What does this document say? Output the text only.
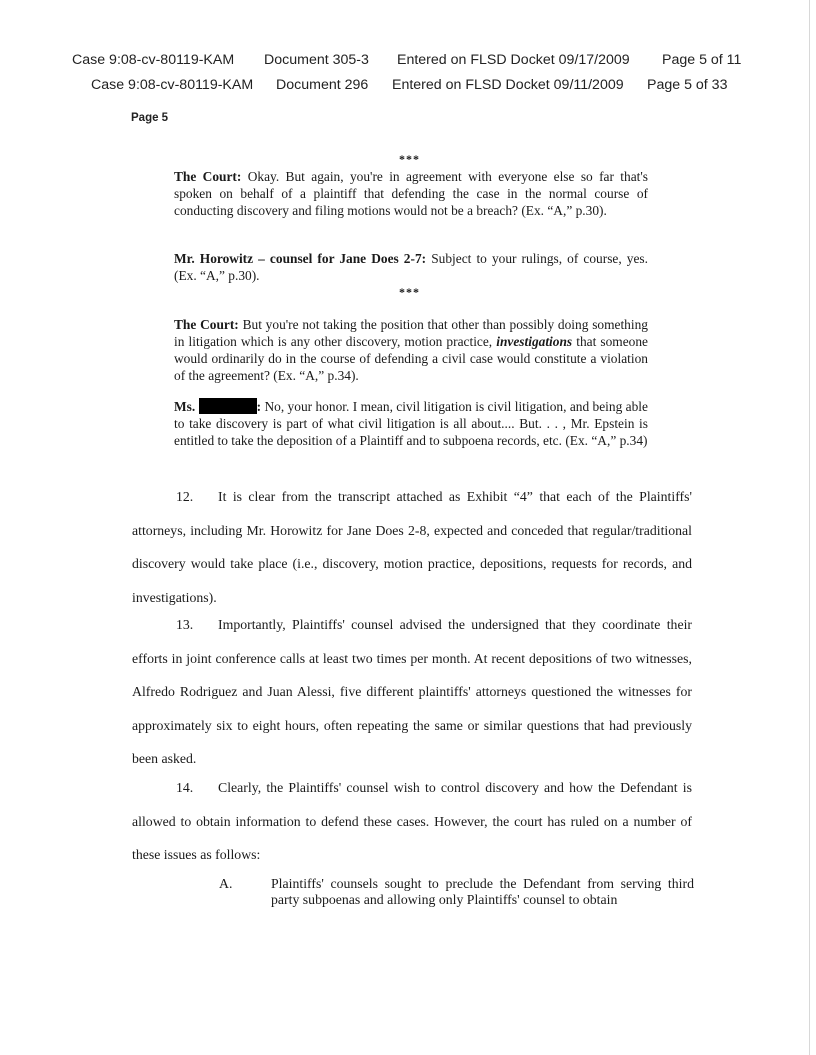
Case 9:08-cv-80119-KAM Document 305-3 Entered on FLSD Docket 09/17/2009 Page 5 of 11
Case 9:08-cv-80119-KAM Document 296 Entered on FLSD Docket 09/11/2009 Page 5 of 33
Page 5
***
The Court: Okay. But again, you're in agreement with everyone else so far that's spoken on behalf of a plaintiff that defending the case in the normal course of conducting discovery and filing motions would not be a breach? (Ex. “A,” p.30).
Mr. Horowitz – counsel for Jane Does 2-7: Subject to your rulings, of course, yes. (Ex. “A,” p.30).
***
The Court: But you're not taking the position that other than possibly doing something in litigation which is any other discovery, motion practice, investigations that someone would ordinarily do in the course of defending a civil case would constitute a violation of the agreement? (Ex. “A,” p.34).
Ms.	: No, your honor. I mean, civil litigation is civil litigation, and being able to take discovery is part of what civil litigation is all about.... But. . . , Mr. Epstein is entitled to take the deposition of a Plaintiff and to subpoena records, etc. (Ex. “A,” p.34)
12. It is clear from the transcript attached as Exhibit “4” that each of the Plaintiffs' attorneys, including Mr. Horowitz for Jane Does 2-8, expected and conceded that regular/traditional discovery would take place (i.e., discovery, motion practice, depositions, requests for records, and investigations).
13. Importantly, Plaintiffs' counsel advised the undersigned that they coordinate their efforts in joint conference calls at least two times per month. At recent depositions of two witnesses, Alfredo Rodriguez and Juan Alessi, five different plaintiffs' attorneys questioned the witnesses for approximately six to eight hours, often repeating the same or similar questions that had previously been asked.
14. Clearly, the Plaintiffs' counsel wish to control discovery and how the Defendant is allowed to obtain information to defend these cases. However, the court has ruled on a number of these issues as follows:
A.	Plaintiffs' counsels sought to preclude the Defendant from serving third party subpoenas and allowing only Plaintiffs' counsel to obtain
